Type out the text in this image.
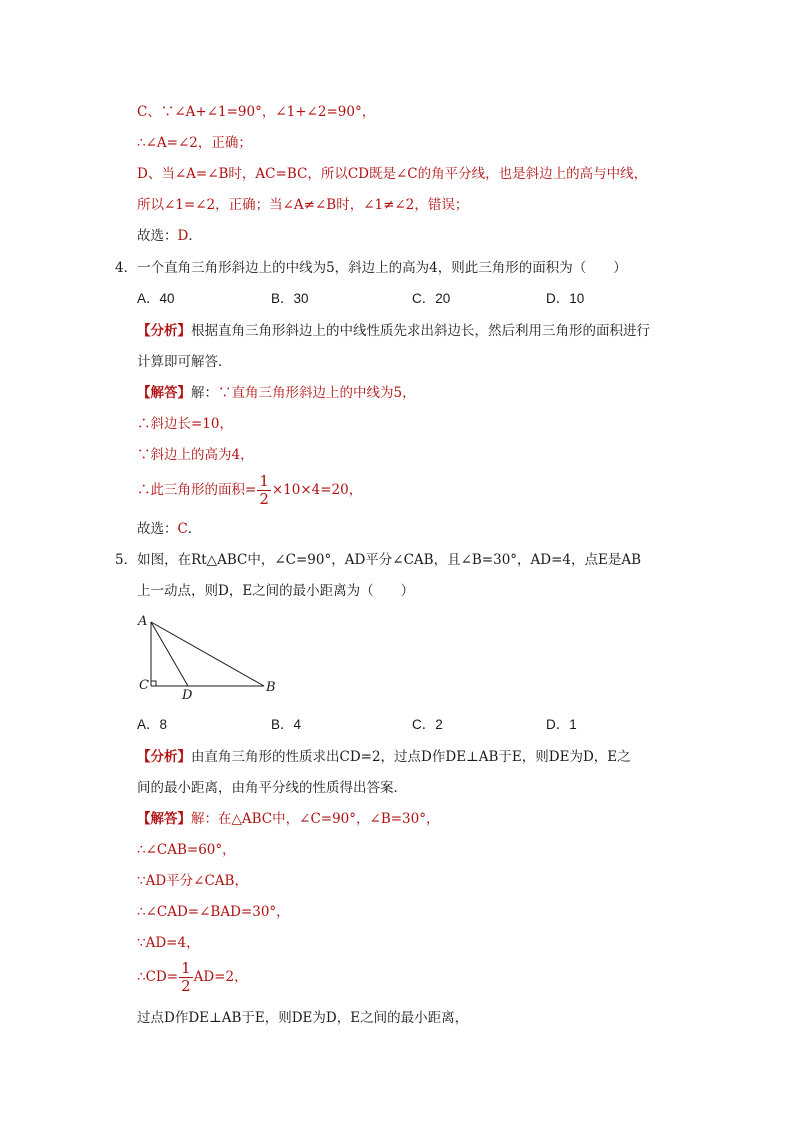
C、∵∠A+∠1=90°，∠1+∠2=90°，
∴∠A=∠2，正确；
D、当∠A=∠B时，AC=BC，所以CD既是∠C的角平分线，也是斜边上的高与中线，
所以∠1=∠2，正确；当∠A≠∠B时，∠1≠∠2，错误；
故选：D．
4．一个直角三角形斜边上的中线为5，斜边上的高为4，则此三角形的面积为（　　）
A．40	B．30	C．20	D．10
【分析】根据直角三角形斜边上的中线性质先求出斜边长，然后利用三角形的面积进行
计算即可解答．
【解答】解：∵直角三角形斜边上的中线为5，
∴斜边长=10，
∵斜边上的高为4，
∴此三角形的面积= $\frac{1}{2} \times 10\times 4=20$，
故选：C．
5．如图，在Rt△ABC中，∠C=90°，AD平分∠CAB，且∠B=30°，AD=4，点E是AB
上一动点，则D，E之间的最小距离为（　　）
A
B
C
D
A．8	B．4	C．2	D．1
【分析】由直角三角形的性质求出CD=2，过点D作DE⊥AB于E，则DE为D，E之
间的最小距离，由角平分线的性质得出答案．
【解答】解：在△ABC中，∠C=90°，∠B=30°，
∴∠CAB=60°，
∵AD平分∠CAB，
∴∠CAD=∠BAD=30°，
∵AD=4，
∴CD= $\frac{1}{2} AD=2$，
过点D作DE⊥AB于E，则DE为D，E之间的最小距离，
